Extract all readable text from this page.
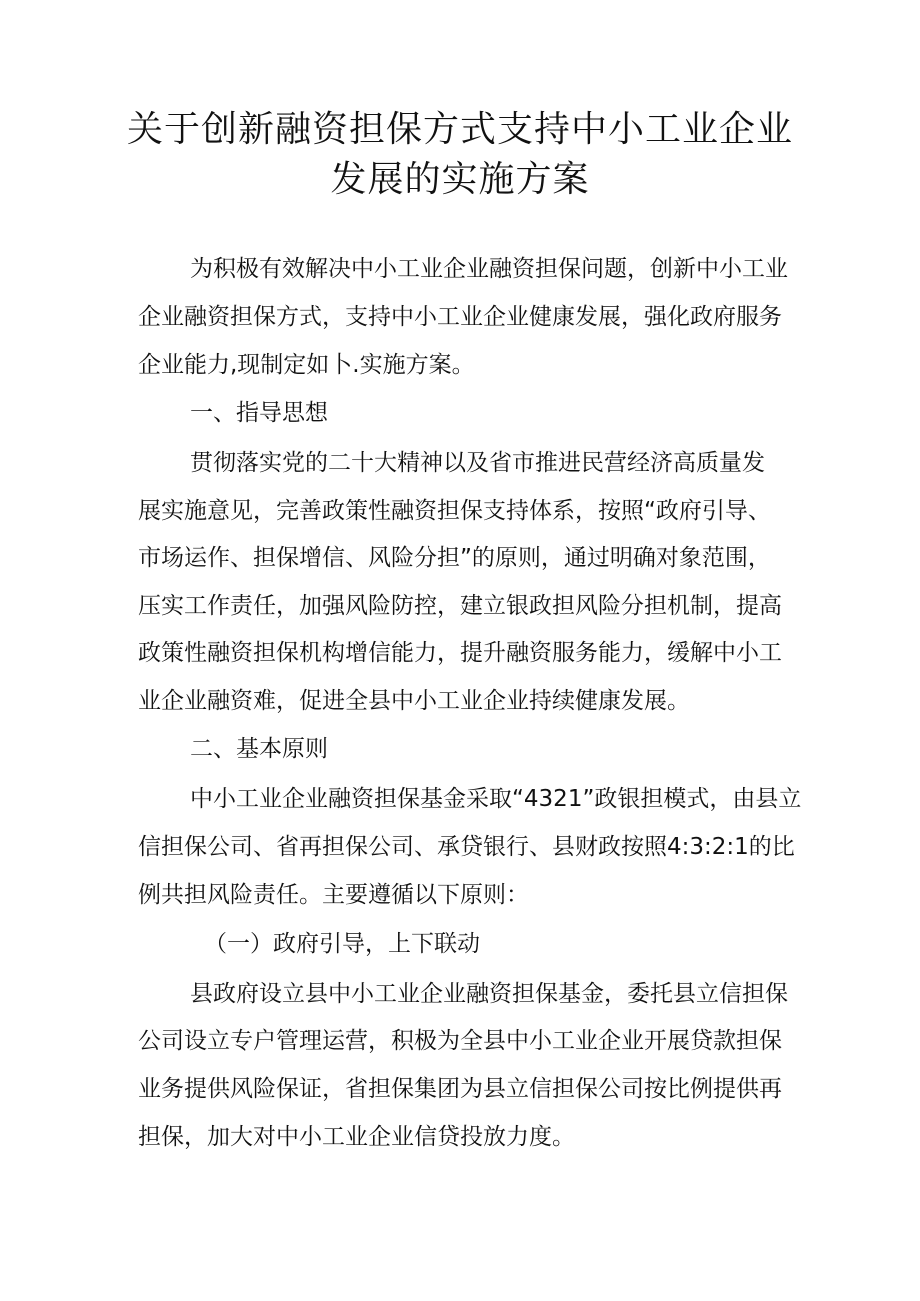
关于创新融资担保方式支持中小工业企业
发展的实施方案

为积极有效解决中小工业企业融资担保问题，创新中小工业

企业融资担保方式，支持中小工业企业健康发展，强化政府服务

企业能力,现制定如卜.实施方案。

一、指导思想

贯彻落实党的二十大精神以及省市推进民营经济高质量发

展实施意见，完善政策性融资担保支持体系，按照“政府引导、

市场运作、担保增信、风险分担”的原则，通过明确对象范围，

压实工作责任，加强风险防控，建立银政担风险分担机制，提高

政策性融资担保机构增信能力，提升融资服务能力，缓解中小工

业企业融资难，促进全县中小工业企业持续健康发展。

二、基本原则

中小工业企业融资担保基金采取“4321”政银担模式，由县立

信担保公司、省再担保公司、承贷银行、县财政按照4:3:2:1的比

例共担风险责任。主要遵循以下原则：

（一）政府引导，上下联动

县政府设立县中小工业企业融资担保基金，委托县立信担保

公司设立专户管理运营，积极为全县中小工业企业开展贷款担保

业务提供风险保证，省担保集团为县立信担保公司按比例提供再

担保，加大对中小工业企业信贷投放力度。
